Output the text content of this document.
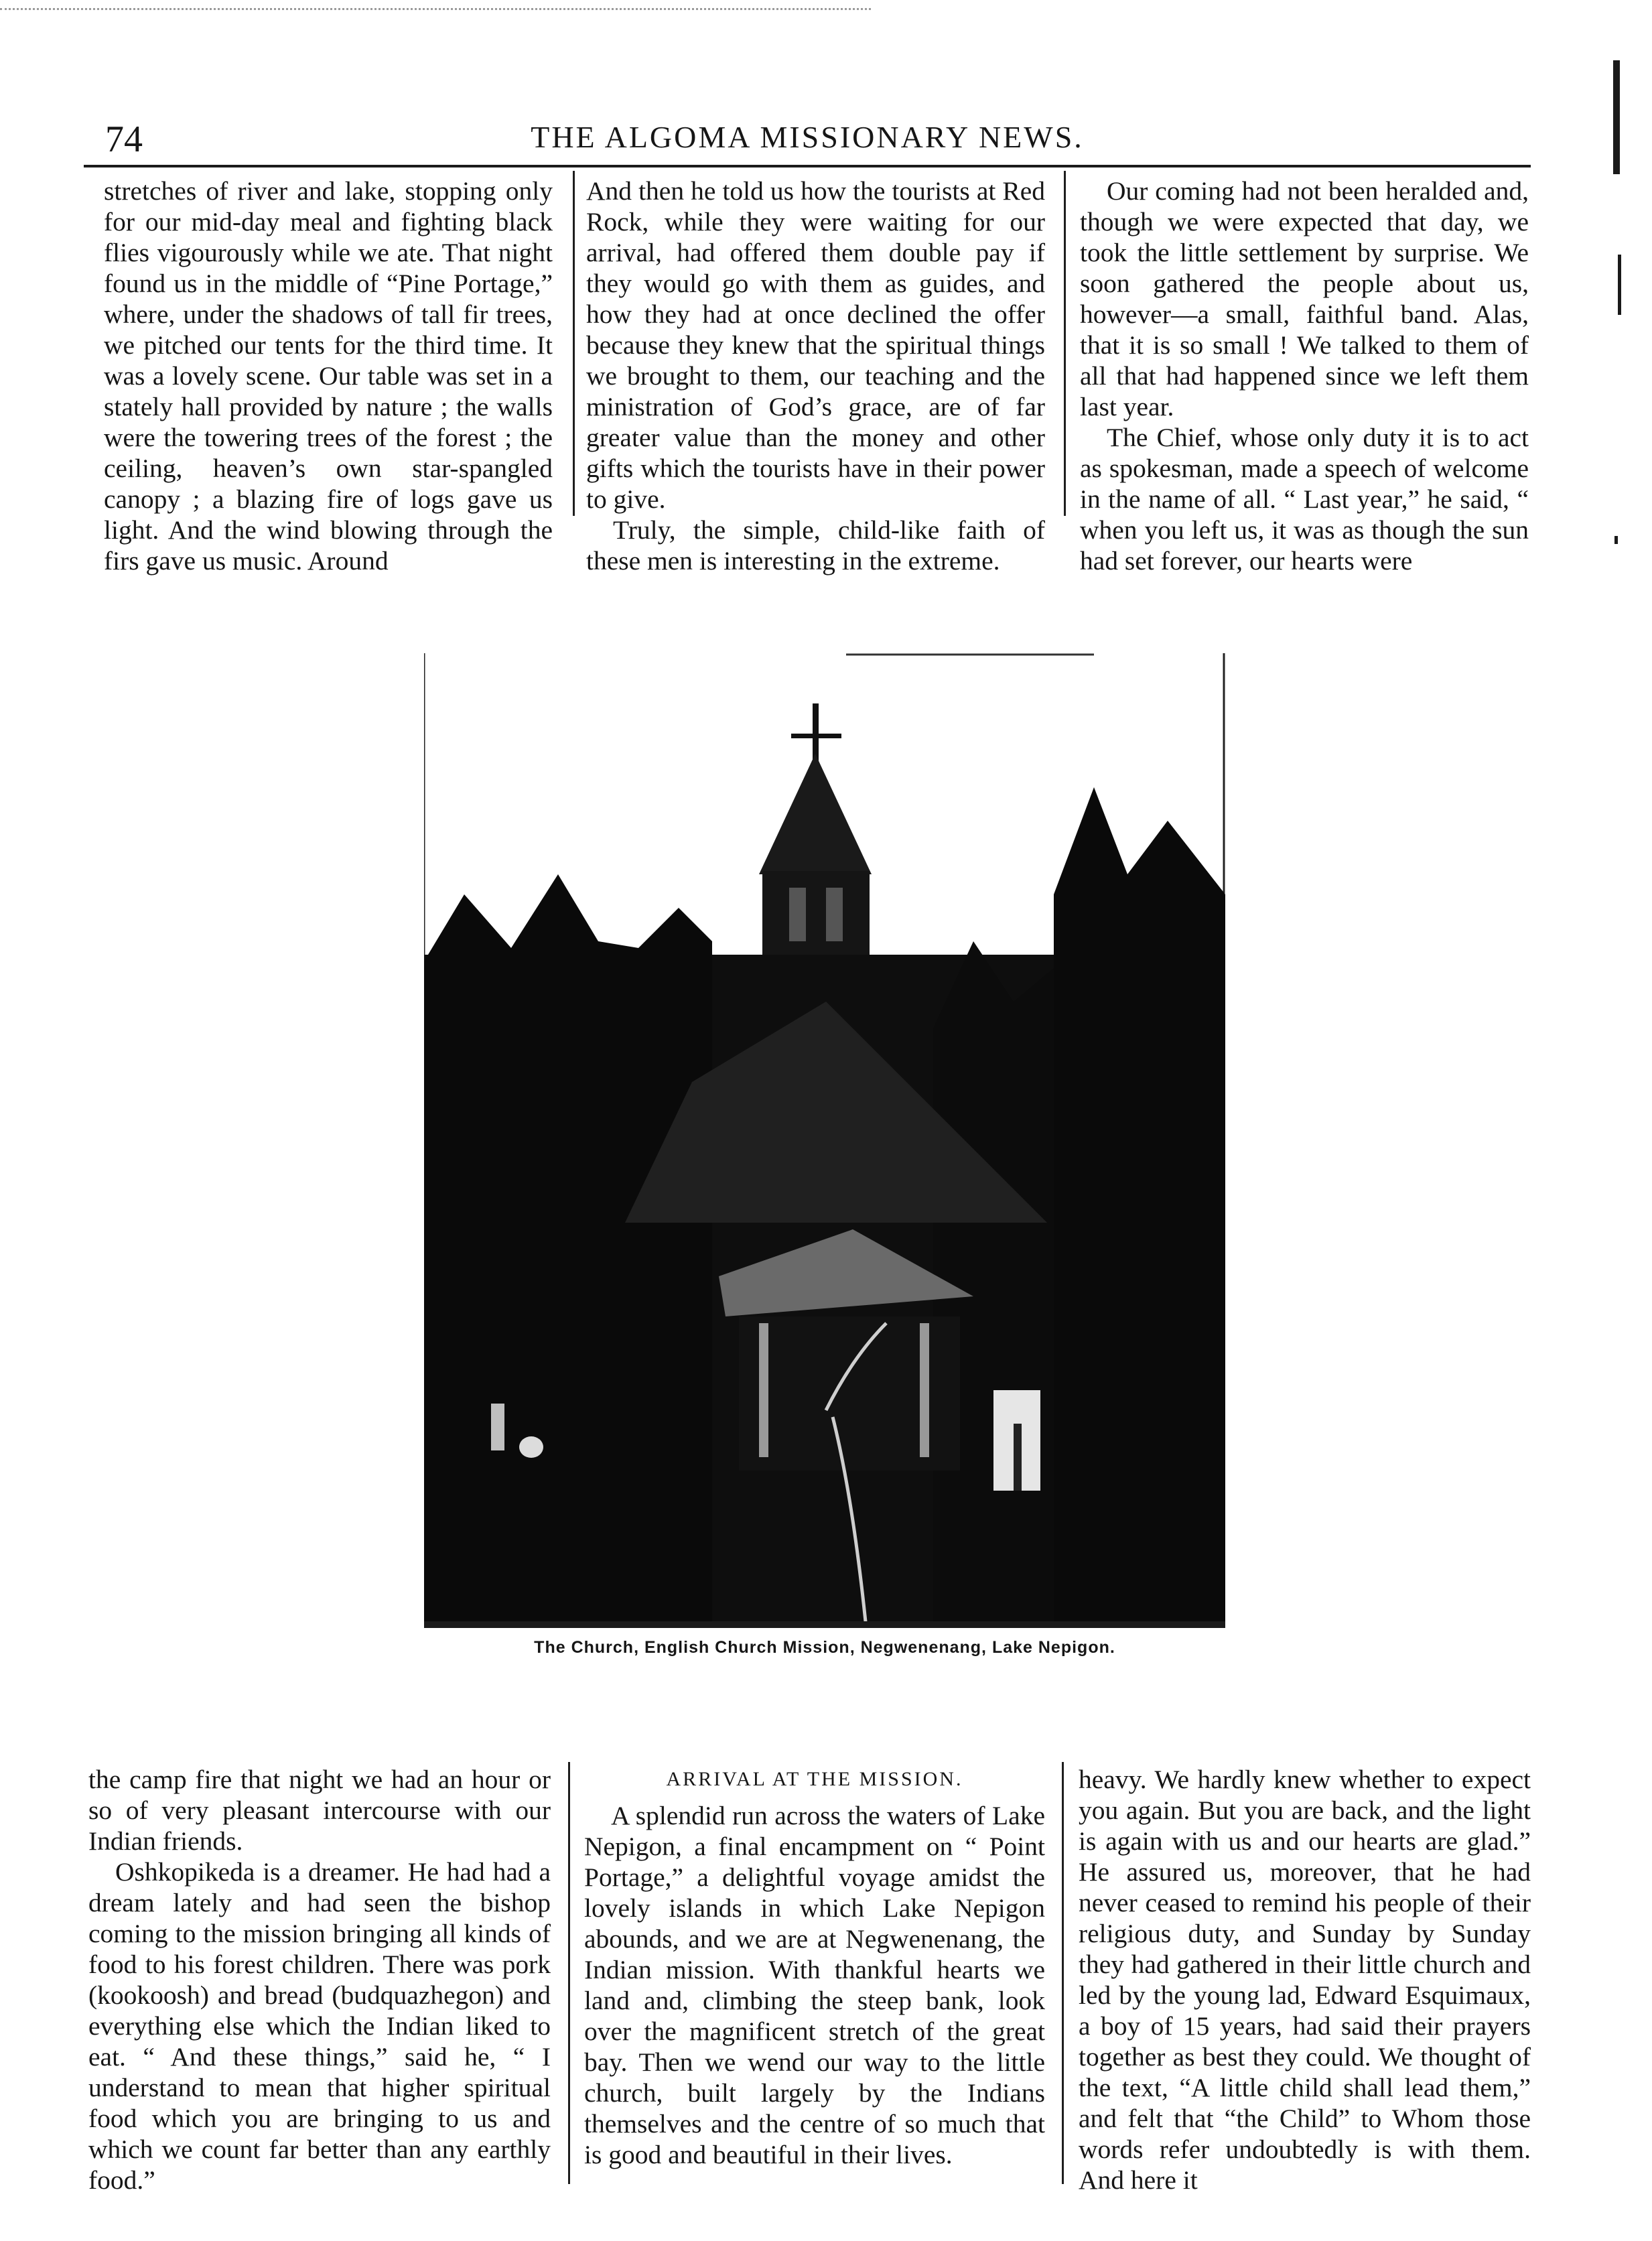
74	THE ALGOMA MISSIONARY NEWS.

stretches of river and lake, stopping only for our mid-day meal and fighting black flies vigourously while we ate. That night found us in the middle of “Pine Portage,” where, under the shadows of tall fir trees, we pitched our tents for the third time. It was a lovely scene. Our table was set in a stately hall provided by nature ; the walls were the towering trees of the forest ; the ceiling, heaven’s own star-spangled canopy ; a blazing fire of logs gave us light. And the wind blowing through the firs gave us music. Around

And then he told us how the tourists at Red Rock, while they were waiting for our arrival, had offered them double pay if they would go with them as guides, and how they had at once declined the offer because they knew that the spiritual things we brought to them, our teaching and the ministration of God’s grace, are of far greater value than the money and other gifts which the tourists have in their power to give.

Truly, the simple, child-like faith of these men is interesting in the extreme.

Our coming had not been heralded and, though we were expected that day, we took the little settlement by surprise. We soon gathered the people about us, however—a small, faithful band. Alas, that it is so small ! We talked to them of all that had happened since we left them last year.

The Chief, whose only duty it is to act as spokesman, made a speech of welcome in the name of all. “ Last year,” he said, “ when you left us, it was as though the sun had set forever, our hearts were

The Church, English Church Mission, Negwenenang, Lake Nepigon.

the camp fire that night we had an hour or so of very pleasant intercourse with our Indian friends.

Oshkopikeda is a dreamer. He had had a dream lately and had seen the bishop coming to the mission bringing all kinds of food to his forest children. There was pork (kookoosh) and bread (budquazhegon) and everything else which the Indian liked to eat. “ And these things,” said he, “ I understand to mean that higher spiritual food which you are bringing to us and which we count far better than any earthly food.”

ARRIVAL AT THE MISSION.

A splendid run across the waters of Lake Nepigon, a final encampment on “ Point Portage,” a delightful voyage amidst the lovely islands in which Lake Nepigon abounds, and we are at Negwenenang, the Indian mission. With thankful hearts we land and, climbing the steep bank, look over the magnificent stretch of the great bay. Then we wend our way to the little church, built largely by the Indians themselves and the centre of so much that is good and beautiful in their lives.

heavy. We hardly knew whether to expect you again. But you are back, and the light is again with us and our hearts are glad.” He assured us, moreover, that he had never ceased to remind his people of their religious duty, and Sunday by Sunday they had gathered in their little church and led by the young lad, Edward Esquimaux, a boy of 15 years, had said their prayers together as best they could. We thought of the text, “A little child shall lead them,” and felt that “the Child” to Whom those words refer undoubtedly is with them. And here it
